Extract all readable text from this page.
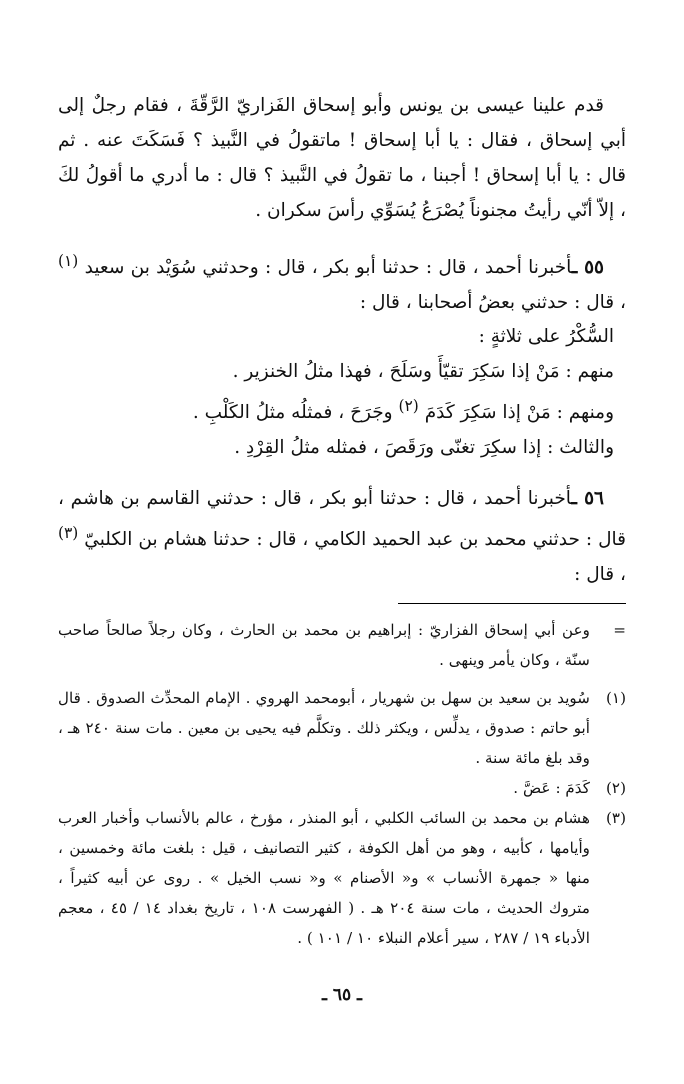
قدم علينا عيسى بن يونس وأبو إسحاق الفَزاريّ الرَّقّةَ ، فقام رجلٌ إلى أبي إسحاق ، فقال : يا أبا إسحاق ! ماتقولُ في النَّبيذ ؟ فَسَكَتَ عنه . ثم قال : يا أبا إسحاق ! أجبنا ، ما تقولُ في النَّبيذ ؟ قال : ما أدري ما أقولُ لكَ ، إلاّ أنّي رأيتُ مجنوناً يُصْرَعُ يُسَوِّي رأسَ سكران .

٥٥ ـأخبرنا أحمد ، قال : حدثنا أبو بكر ، قال : وحدثني سُوَيْد بن سعيد $^{(١)}$ ، قال : حدثني بعضُ أصحابنا ، قال :

السُّكْرُ على ثلاثةٍ :

منهم : مَنْ إذا سَكِرَ تقيّأَ وسَلَحَ ، فهذا مثلُ الخنزير .

ومنهم : مَنْ إذا سَكِرَ كَدَمَ $^{(٢)}$ وجَرَحَ ، فمثلُه مثلُ الكَلْبِ .

والثالث : إذا سكِرَ تغنّى ورَقَصَ ، فمثله مثلُ القِرْدِ .

٥٦ ـأخبرنا أحمد ، قال : حدثنا أبو بكر ، قال : حدثني القاسم بن هاشم ، قال : حدثني محمد بن عبد الحميد الكامي ، قال : حدثنا هشام بن الكلبيّ $^{(٣)}$ ، قال :

=
وعن أبي إسحاق الفزاريّ : إبراهيم بن محمد بن الحارث ، وكان رجلاً صالحاً صاحب سنّة ، وكان يأمر وينهى .
(١)
سُويد بن سعيد بن سهل بن شهريار ، أبومحمد الهروي . الإمام المحدِّث الصدوق . قال أبو حاتم : صدوق ، يدلِّس ، ويكثر ذلك . وتكلَّم فيه يحيى بن معين . مات سنة ٢٤٠ هـ ، وقد بلغ مائة سنة .
(٢)
كَدَمَ : عَضَّ .
(٣)
هشام بن محمد بن السائب الكلبي ، أبو المنذر ، مؤرخ ، عالم بالأنساب وأخبار العرب وأيامها ، كأبيه ، وهو من أهل الكوفة ، كثير التصانيف ، قيل : بلغت مائة وخمسين ، منها « جمهرة الأنساب » و« الأصنام » و« نسب الخيل » . روى عن أبيه كثيراً ، متروك الحديث ، مات سنة ٢٠٤ هـ . ( الفهرست ١٠٨ ، تاريخ بغداد ١٤ / ٤٥ ، معجم الأدباء ١٩ / ٢٨٧ ، سير أعلام النبلاء ١٠ / ١٠١ ) .
ـ ٦٥ ـ
